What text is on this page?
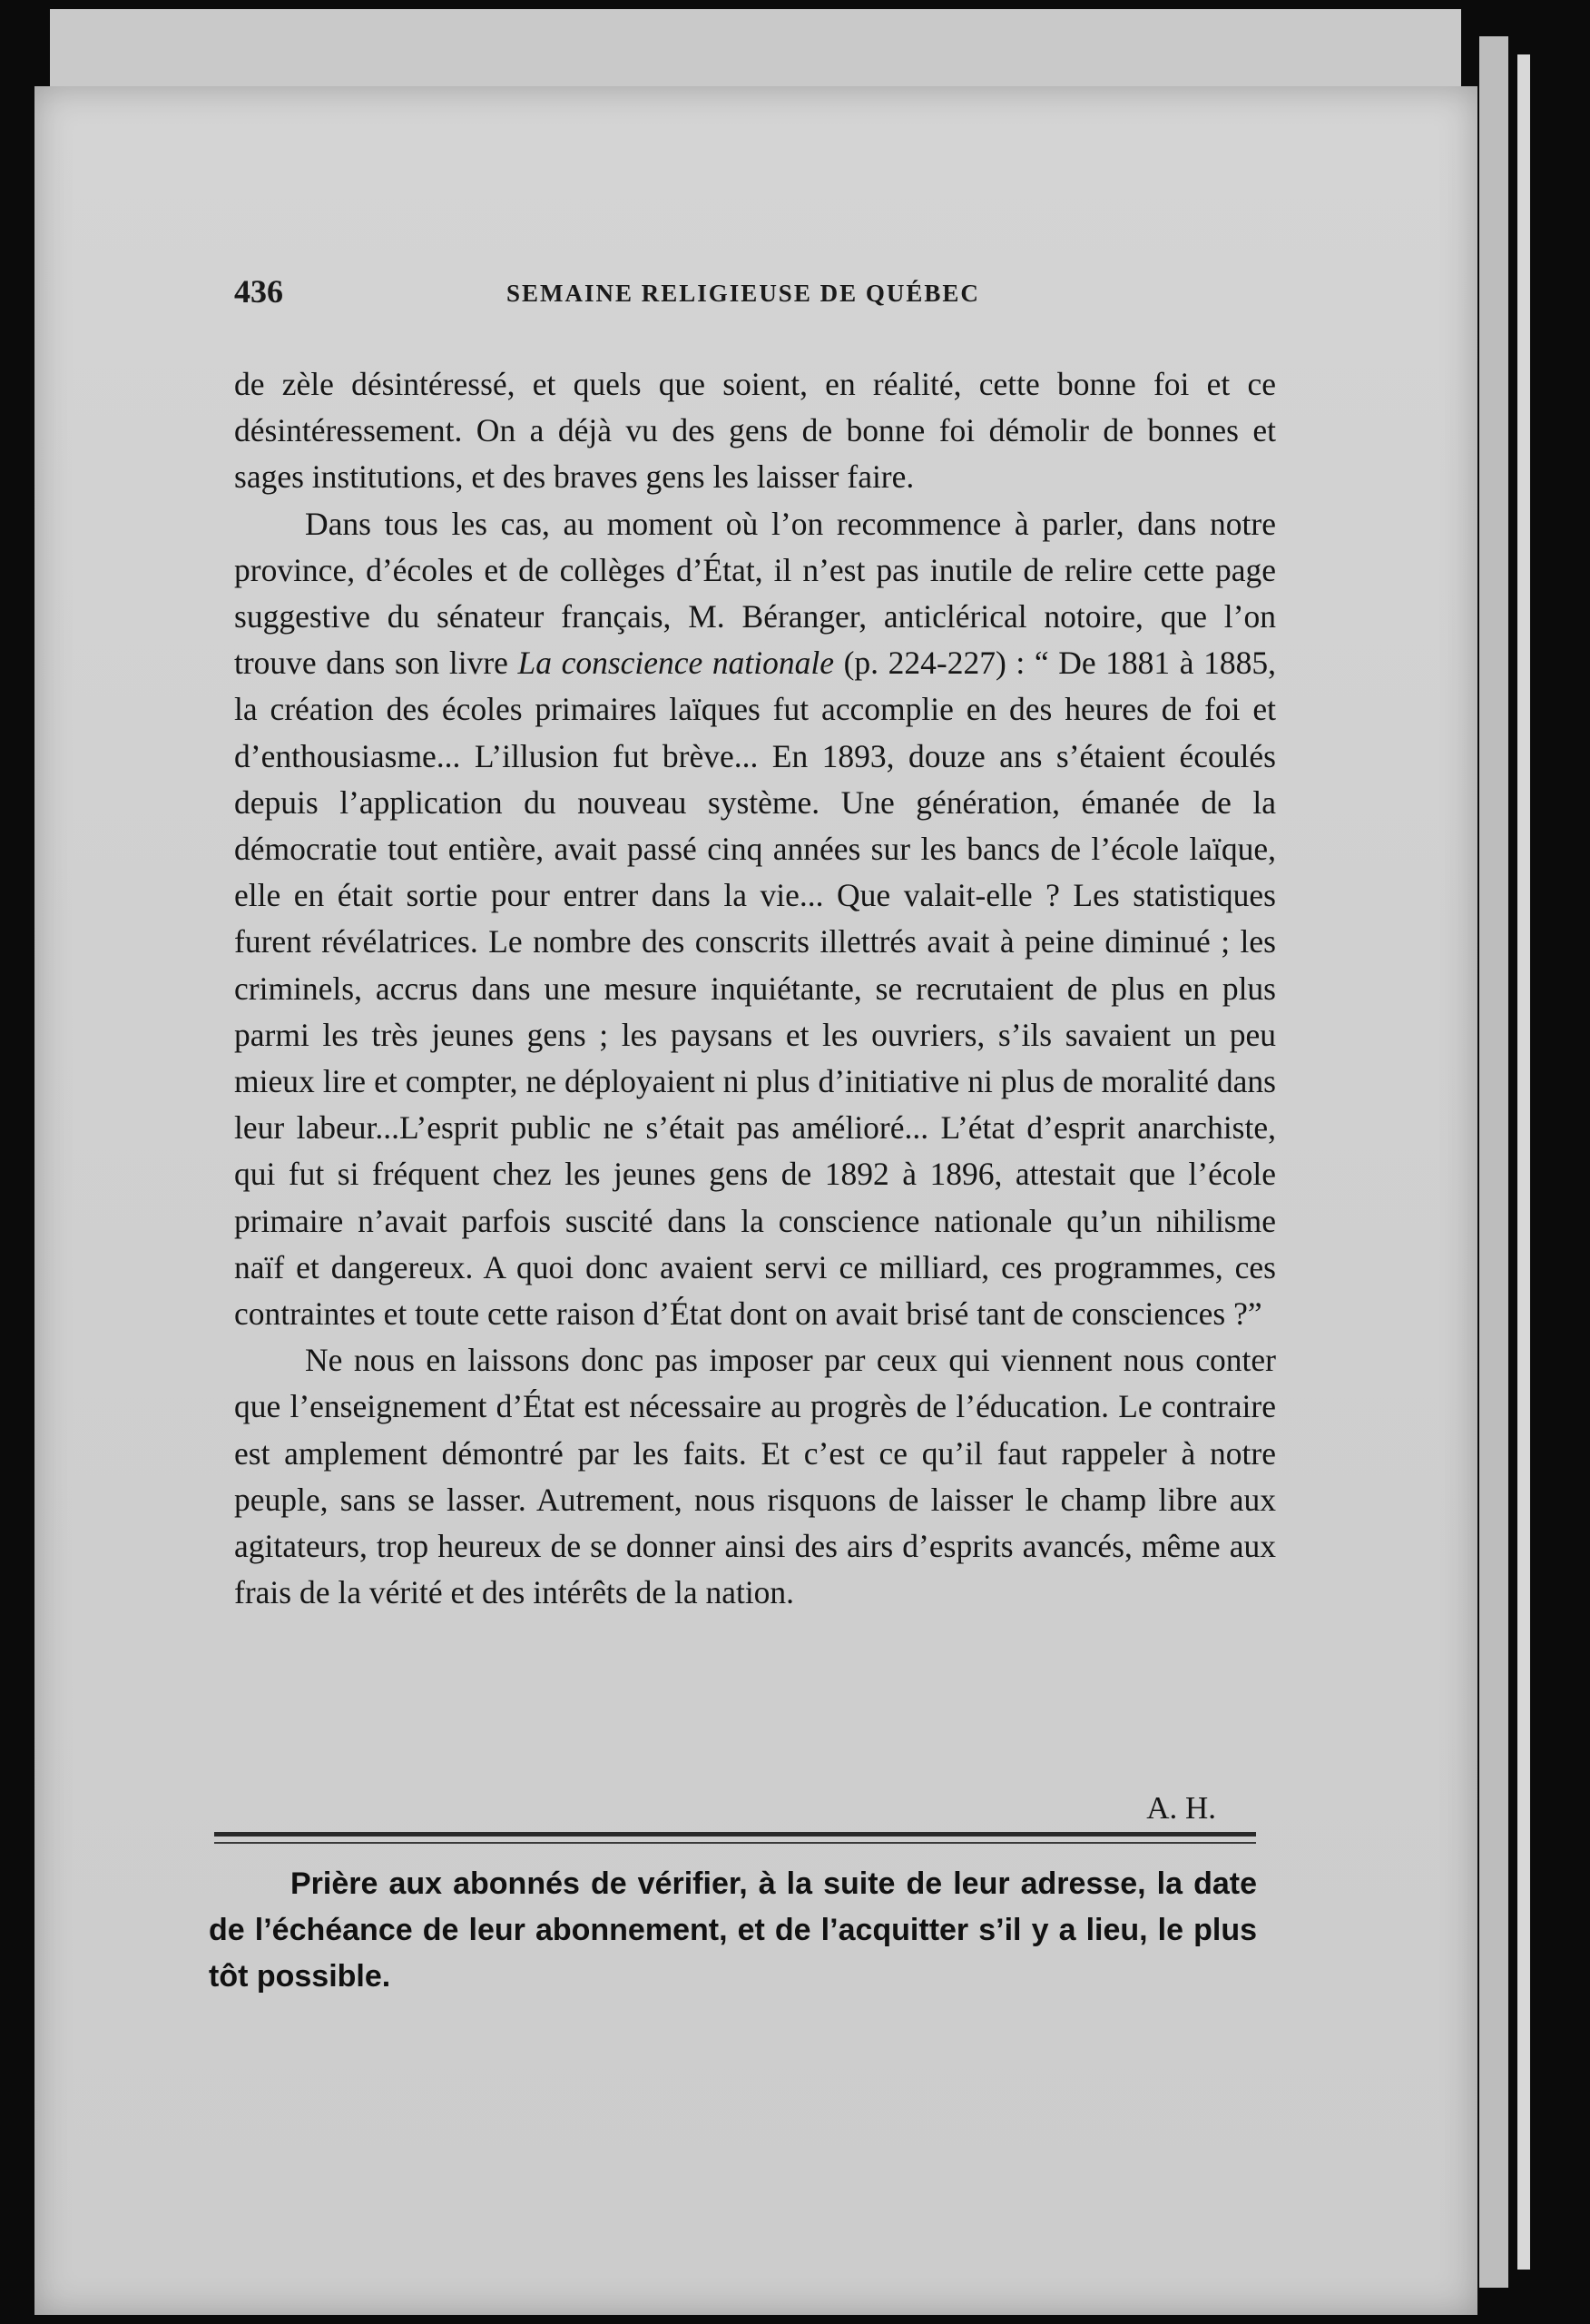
436	SEMAINE RELIGIEUSE DE QUÉBEC

de zèle désintéressé, et quels que soient, en réalité, cette bonne foi et ce désintéressement. On a déjà vu des gens de bonne foi démolir de bonnes et sages institutions, et des braves gens les laisser faire.

Dans tous les cas, au moment où l’on recommence à parler, dans notre province, d’écoles et de collèges d’État, il n’est pas inutile de relire cette page suggestive du sénateur français, M. Béranger, anticlérical notoire, que l’on trouve dans son livre La conscience nationale (p. 224-227) : “ De 1881 à 1885, la création des écoles primaires laïques fut accomplie en des heures de foi et d’enthousiasme... L’illusion fut brève... En 1893, douze ans s’étaient écoulés depuis l’application du nouveau système. Une génération, émanée de la démocratie tout entière, avait passé cinq années sur les bancs de l’école laïque, elle en était sortie pour entrer dans la vie... Que valait-elle ? Les statistiques furent révélatrices. Le nombre des conscrits illettrés avait à peine diminué ; les criminels, accrus dans une mesure inquiétante, se recrutaient de plus en plus parmi les très jeunes gens ; les paysans et les ouvriers, s’ils savaient un peu mieux lire et compter, ne déployaient ni plus d’initiative ni plus de moralité dans leur labeur...L’esprit public ne s’était pas amélioré... L’état d’esprit anarchiste, qui fut si fréquent chez les jeunes gens de 1892 à 1896, attestait que l’école primaire n’avait parfois suscité dans la conscience nationale qu’un nihilisme naïf et dangereux. A quoi donc avaient servi ce milliard, ces programmes, ces contraintes et toute cette raison d’État dont on avait brisé tant de consciences ?”

Ne nous en laissons donc pas imposer par ceux qui viennent nous conter que l’enseignement d’État est nécessaire au progrès de l’éducation. Le contraire est amplement démontré par les faits. Et c’est ce qu’il faut rappeler à notre peuple, sans se lasser. Autrement, nous risquons de laisser le champ libre aux agitateurs, trop heureux de se donner ainsi des airs d’esprits avancés, même aux frais de la vérité et des intérêts de la nation.

A. H.

Prière aux abonnés de vérifier, à la suite de leur adresse, la date de l’échéance de leur abonnement, et de l’acquitter s’il y a lieu, le plus tôt possible.
